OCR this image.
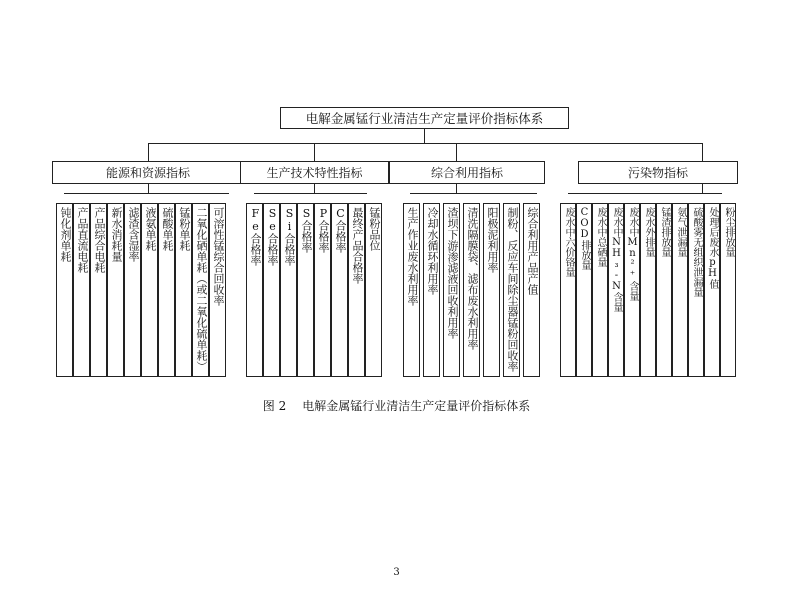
电解金属锰行业清洁生产定量评价指标体系
能源和资源指标	生产技术特性指标	综合利用指标	污染物指标
钝化剂单耗 产品直流电耗 产品综合电耗 新水消耗量 滤渣含湿率 液氨单耗 硫酸单耗 锰粉单耗 二氧化硒单耗（或二氧化硫单耗） 可溶性锰综合回收率 Fe合格率 Se合格率 Si合格率 S合格率 P合格率 C合格率 最终产品合格率 锰粉品位 生产作业废水利用率 冷却水循环利用率 渣坝下游渗滤液回收利用率 清洗隔膜袋、滤布废水利用率 阳极泥利用率 制粉、反应车间除尘器锰粉回收率 综合利用产品产值	废水中六价铬量 COD排放量 废水中总硒量 废水中NH₃-N含量 废水中Mn²⁺含量 废水外排量 锰渣排放量 氨气泄漏量 硫酸雾无组织泄漏量 处理后废水pH值 粉尘排放量
图 2 电解金属锰行业清洁生产定量评价指标体系
3
